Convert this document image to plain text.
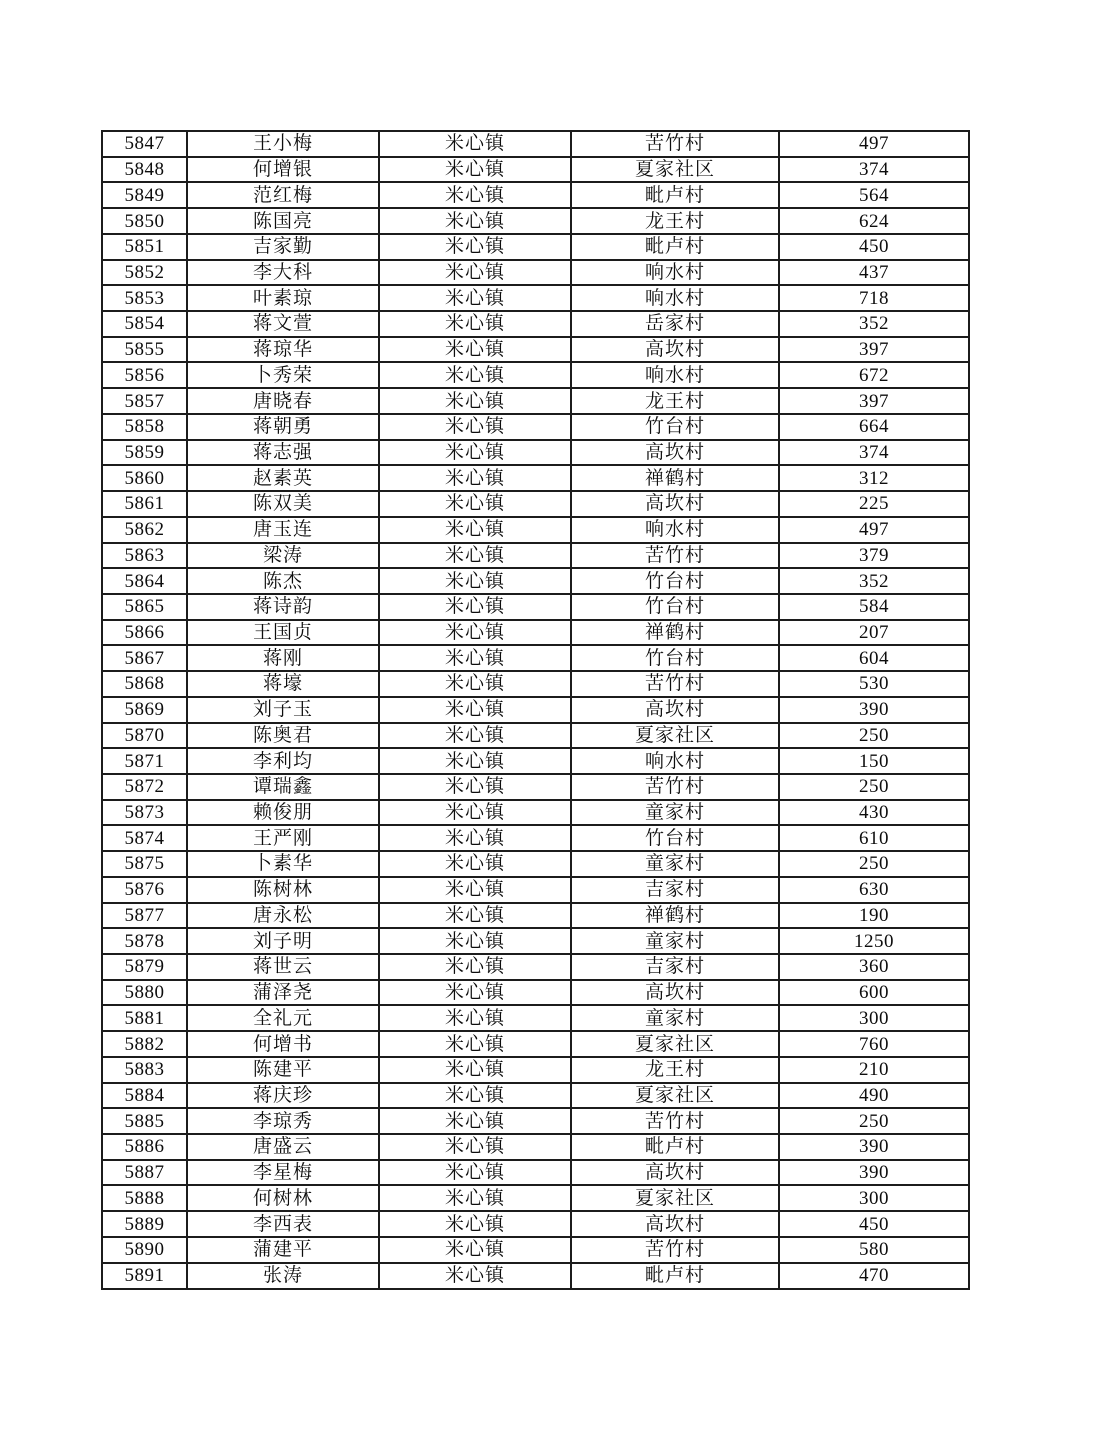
5847	王小梅	米心镇	苦竹村	497
5848	何增银	米心镇	夏家社区	374
5849	范红梅	米心镇	毗卢村	564
5850	陈国亮	米心镇	龙王村	624
5851	吉家勤	米心镇	毗卢村	450
5852	李大科	米心镇	响水村	437
5853	叶素琼	米心镇	响水村	718
5854	蒋文萱	米心镇	岳家村	352
5855	蒋琼华	米心镇	高坎村	397
5856	卜秀荣	米心镇	响水村	672
5857	唐晓春	米心镇	龙王村	397
5858	蒋朝勇	米心镇	竹台村	664
5859	蒋志强	米心镇	高坎村	374
5860	赵素英	米心镇	禅鹤村	312
5861	陈双美	米心镇	高坎村	225
5862	唐玉连	米心镇	响水村	497
5863	梁涛	米心镇	苦竹村	379
5864	陈杰	米心镇	竹台村	352
5865	蒋诗韵	米心镇	竹台村	584
5866	王国贞	米心镇	禅鹤村	207
5867	蒋刚	米心镇	竹台村	604
5868	蒋壕	米心镇	苦竹村	530
5869	刘子玉	米心镇	高坎村	390
5870	陈奥君	米心镇	夏家社区	250
5871	李利均	米心镇	响水村	150
5872	谭瑞鑫	米心镇	苦竹村	250
5873	赖俊朋	米心镇	童家村	430
5874	王严刚	米心镇	竹台村	610
5875	卜素华	米心镇	童家村	250
5876	陈树林	米心镇	吉家村	630
5877	唐永松	米心镇	禅鹤村	190
5878	刘子明	米心镇	童家村	1250
5879	蒋世云	米心镇	吉家村	360
5880	蒲泽尧	米心镇	高坎村	600
5881	全礼元	米心镇	童家村	300
5882	何增书	米心镇	夏家社区	760
5883	陈建平	米心镇	龙王村	210
5884	蒋庆珍	米心镇	夏家社区	490
5885	李琼秀	米心镇	苦竹村	250
5886	唐盛云	米心镇	毗卢村	390
5887	李星梅	米心镇	高坎村	390
5888	何树林	米心镇	夏家社区	300
5889	李西表	米心镇	高坎村	450
5890	蒲建平	米心镇	苦竹村	580
5891	张涛	米心镇	毗卢村	470
